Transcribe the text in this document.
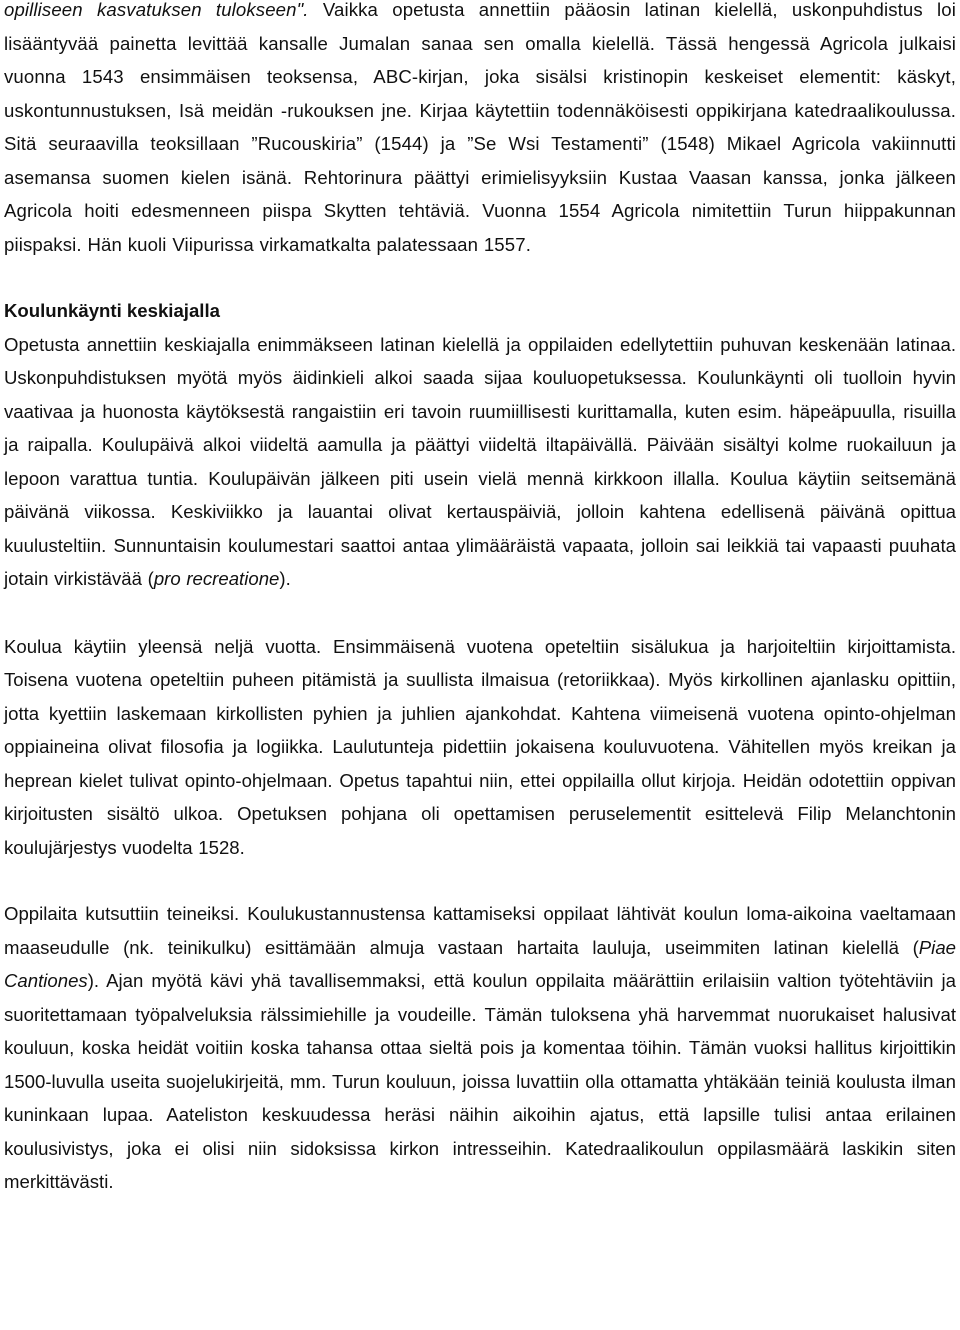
opilliseen kasvatuksen tulokseen". Vaikka opetusta annettiin pääosin latinan kielellä, uskonpuhdistus loi lisääntyvää painetta levittää kansalle Jumalan sanaa sen omalla kielellä. Tässä hengessä Agricola julkaisi vuonna 1543 ensimmäisen teoksensa, ABC-kirjan, joka sisälsi kristinopin keskeiset elementit: käskyt, uskontunnustuksen, Isä meidän -rukouksen jne. Kirjaa käytettiin todennäköisesti oppikirjana katedraalikoulussa. Sitä seuraavilla teoksillaan ”Rucouskiria” (1544) ja ”Se Wsi Testamenti” (1548) Mikael Agricola vakiinnutti asemansa suomen kielen isänä. Rehtorinura päättyi erimielisyyksiin Kustaa Vaasan kanssa, jonka jälkeen Agricola hoiti edesmenneen piispa Skytten tehtäviä. Vuonna 1554 Agricola nimitettiin Turun hiippakunnan piispaksi. Hän kuoli Viipurissa virkamatkalta palatessaan 1557.

Koulunkäynti keskiajalla

Opetusta annettiin keskiajalla enimmäkseen latinan kielellä ja oppilaiden edellytettiin puhuvan keskenään latinaa. Uskonpuhdistuksen myötä myös äidinkieli alkoi saada sijaa kouluopetuksessa. Koulunkäynti oli tuolloin hyvin vaativaa ja huonosta käytöksestä rangaistiin eri tavoin ruumiillisesti kurittamalla, kuten esim. häpeäpuulla, risuilla ja raipalla. Koulupäivä alkoi viideltä aamulla ja päättyi viideltä iltapäivällä. Päivään sisältyi kolme ruokailuun ja lepoon varattua tuntia. Koulupäivän jälkeen piti usein vielä mennä kirkkoon illalla. Koulua käytiin seitsemänä päivänä viikossa. Keskiviikko ja lauantai olivat kertauspäiviä, jolloin kahtena edellisenä päivänä opittua kuulusteltiin. Sunnuntaisin koulumestari saattoi antaa ylimääräistä vapaata, jolloin sai leikkiä tai vapaasti puuhata jotain virkistävää (pro recreatione).

Koulua käytiin yleensä neljä vuotta. Ensimmäisenä vuotena opeteltiin sisälukua ja harjoiteltiin kirjoittamista. Toisena vuotena opeteltiin puheen pitämistä ja suullista ilmaisua (retoriikkaa). Myös kirkollinen ajanlasku opittiin, jotta kyettiin laskemaan kirkollisten pyhien ja juhlien ajankohdat. Kahtena viimeisenä vuotena opinto-ohjelman oppiaineina olivat filosofia ja logiikka. Laulutunteja pidettiin jokaisena kouluvuotena. Vähitellen myös kreikan ja heprean kielet tulivat opinto-ohjelmaan. Opetus tapahtui niin, ettei oppilailla ollut kirjoja. Heidän odotettiin oppivan kirjoitusten sisältö ulkoa. Opetuksen pohjana oli opettamisen peruselementit esittelevä Filip Melanchtonin koulujärjestys vuodelta 1528.

Oppilaita kutsuttiin teineiksi. Koulukustannustensa kattamiseksi oppilaat lähtivät koulun loma-aikoina vaeltamaan maaseudulle (nk. teinikulku) esittämään almuja vastaan hartaita lauluja, useimmiten latinan kielellä (Piae Cantiones). Ajan myötä kävi yhä tavallisemmaksi, että koulun oppilaita määrättiin erilaisiin valtion työtehtäviin ja suoritettamaan työpalveluksia rälssimiehille ja voudeille. Tämän tuloksena yhä harvemmat nuorukaiset halusivat kouluun, koska heidät voitiin koska tahansa ottaa sieltä pois ja komentaa töihin. Tämän vuoksi hallitus kirjoittikin 1500-luvulla useita suojelukirjeitä, mm. Turun kouluun, joissa luvattiin olla ottamatta yhtäkään teiniä koulusta ilman kuninkaan lupaa. Aateliston keskuudessa heräsi näihin aikoihin ajatus, että lapsille tulisi antaa erilainen koulusivistys, joka ei olisi niin sidoksissa kirkon intresseihin. Katedraalikoulun oppilasmäärä laskikin siten merkittävästi.
